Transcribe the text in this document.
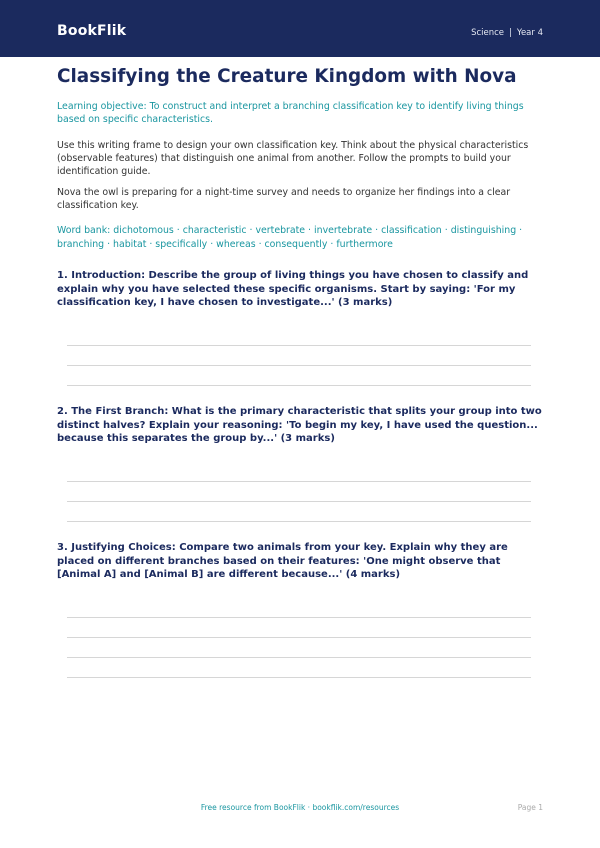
BookFlik	Science | Year 4
Classifying the Creature Kingdom with Nova
Learning objective: To construct and interpret a branching classification key to identify living things based on specific characteristics.
Use this writing frame to design your own classification key. Think about the physical characteristics (observable features) that distinguish one animal from another. Follow the prompts to build your identification guide.
Nova the owl is preparing for a night-time survey and needs to organize her findings into a clear classification key.
Word bank: dichotomous · characteristic · vertebrate · invertebrate · classification · distinguishing · branching · habitat · specifically · whereas · consequently · furthermore
1. Introduction: Describe the group of living things you have chosen to classify and explain why you have selected these specific organisms. Start by saying: 'For my classification key, I have chosen to investigate...' (3 marks)
2. The First Branch: What is the primary characteristic that splits your group into two distinct halves? Explain your reasoning: 'To begin my key, I have used the question... because this separates the group by...' (3 marks)
3. Justifying Choices: Compare two animals from your key. Explain why they are placed on different branches based on their features: 'One might observe that [Animal A] and [Animal B] are different because...' (4 marks)
Free resource from BookFlik · bookflik.com/resources	Page 1
